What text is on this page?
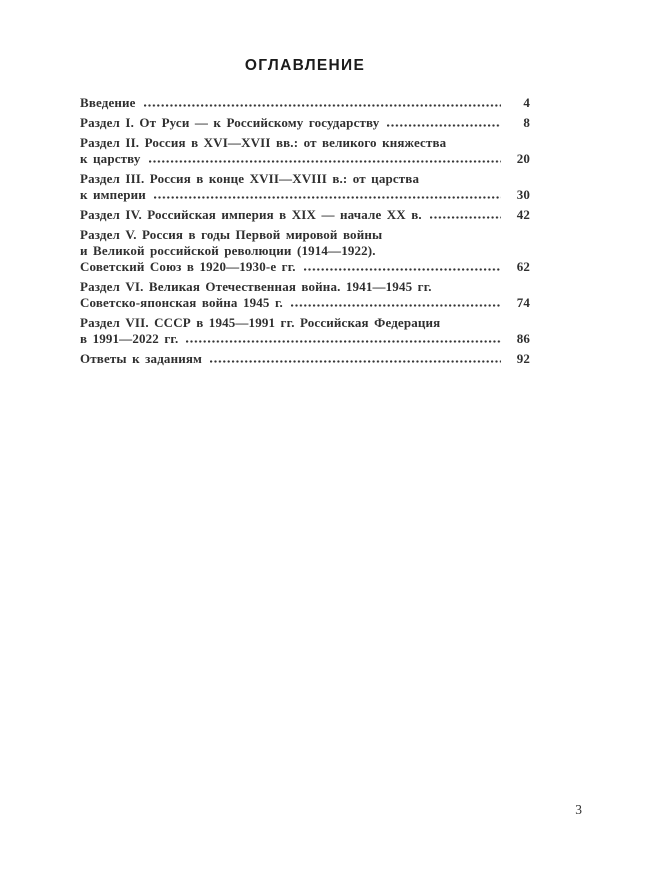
ОГЛАВЛЕНИЕ
Введение	4
Раздел I. От Руси — к Российскому государству	8
Раздел II. Россия в XVI—XVII вв.: от великого княжества
к царству	20
Раздел III. Россия в конце XVII—XVIII в.: от царства
к империи	30
Раздел IV. Российская империя в XIX — начале XX в.	42
Раздел V. Россия в годы Первой мировой войны
и Великой российской революции (1914—1922).
Советский Союз в 1920—1930-е гг.	62
Раздел VI. Великая Отечественная война. 1941—1945 гг.
Советско-японская война 1945 г.	74
Раздел VII. СССР в 1945—1991 гг. Российская Федерация
в 1991—2022 гг.	86
Ответы к заданиям	92
3
